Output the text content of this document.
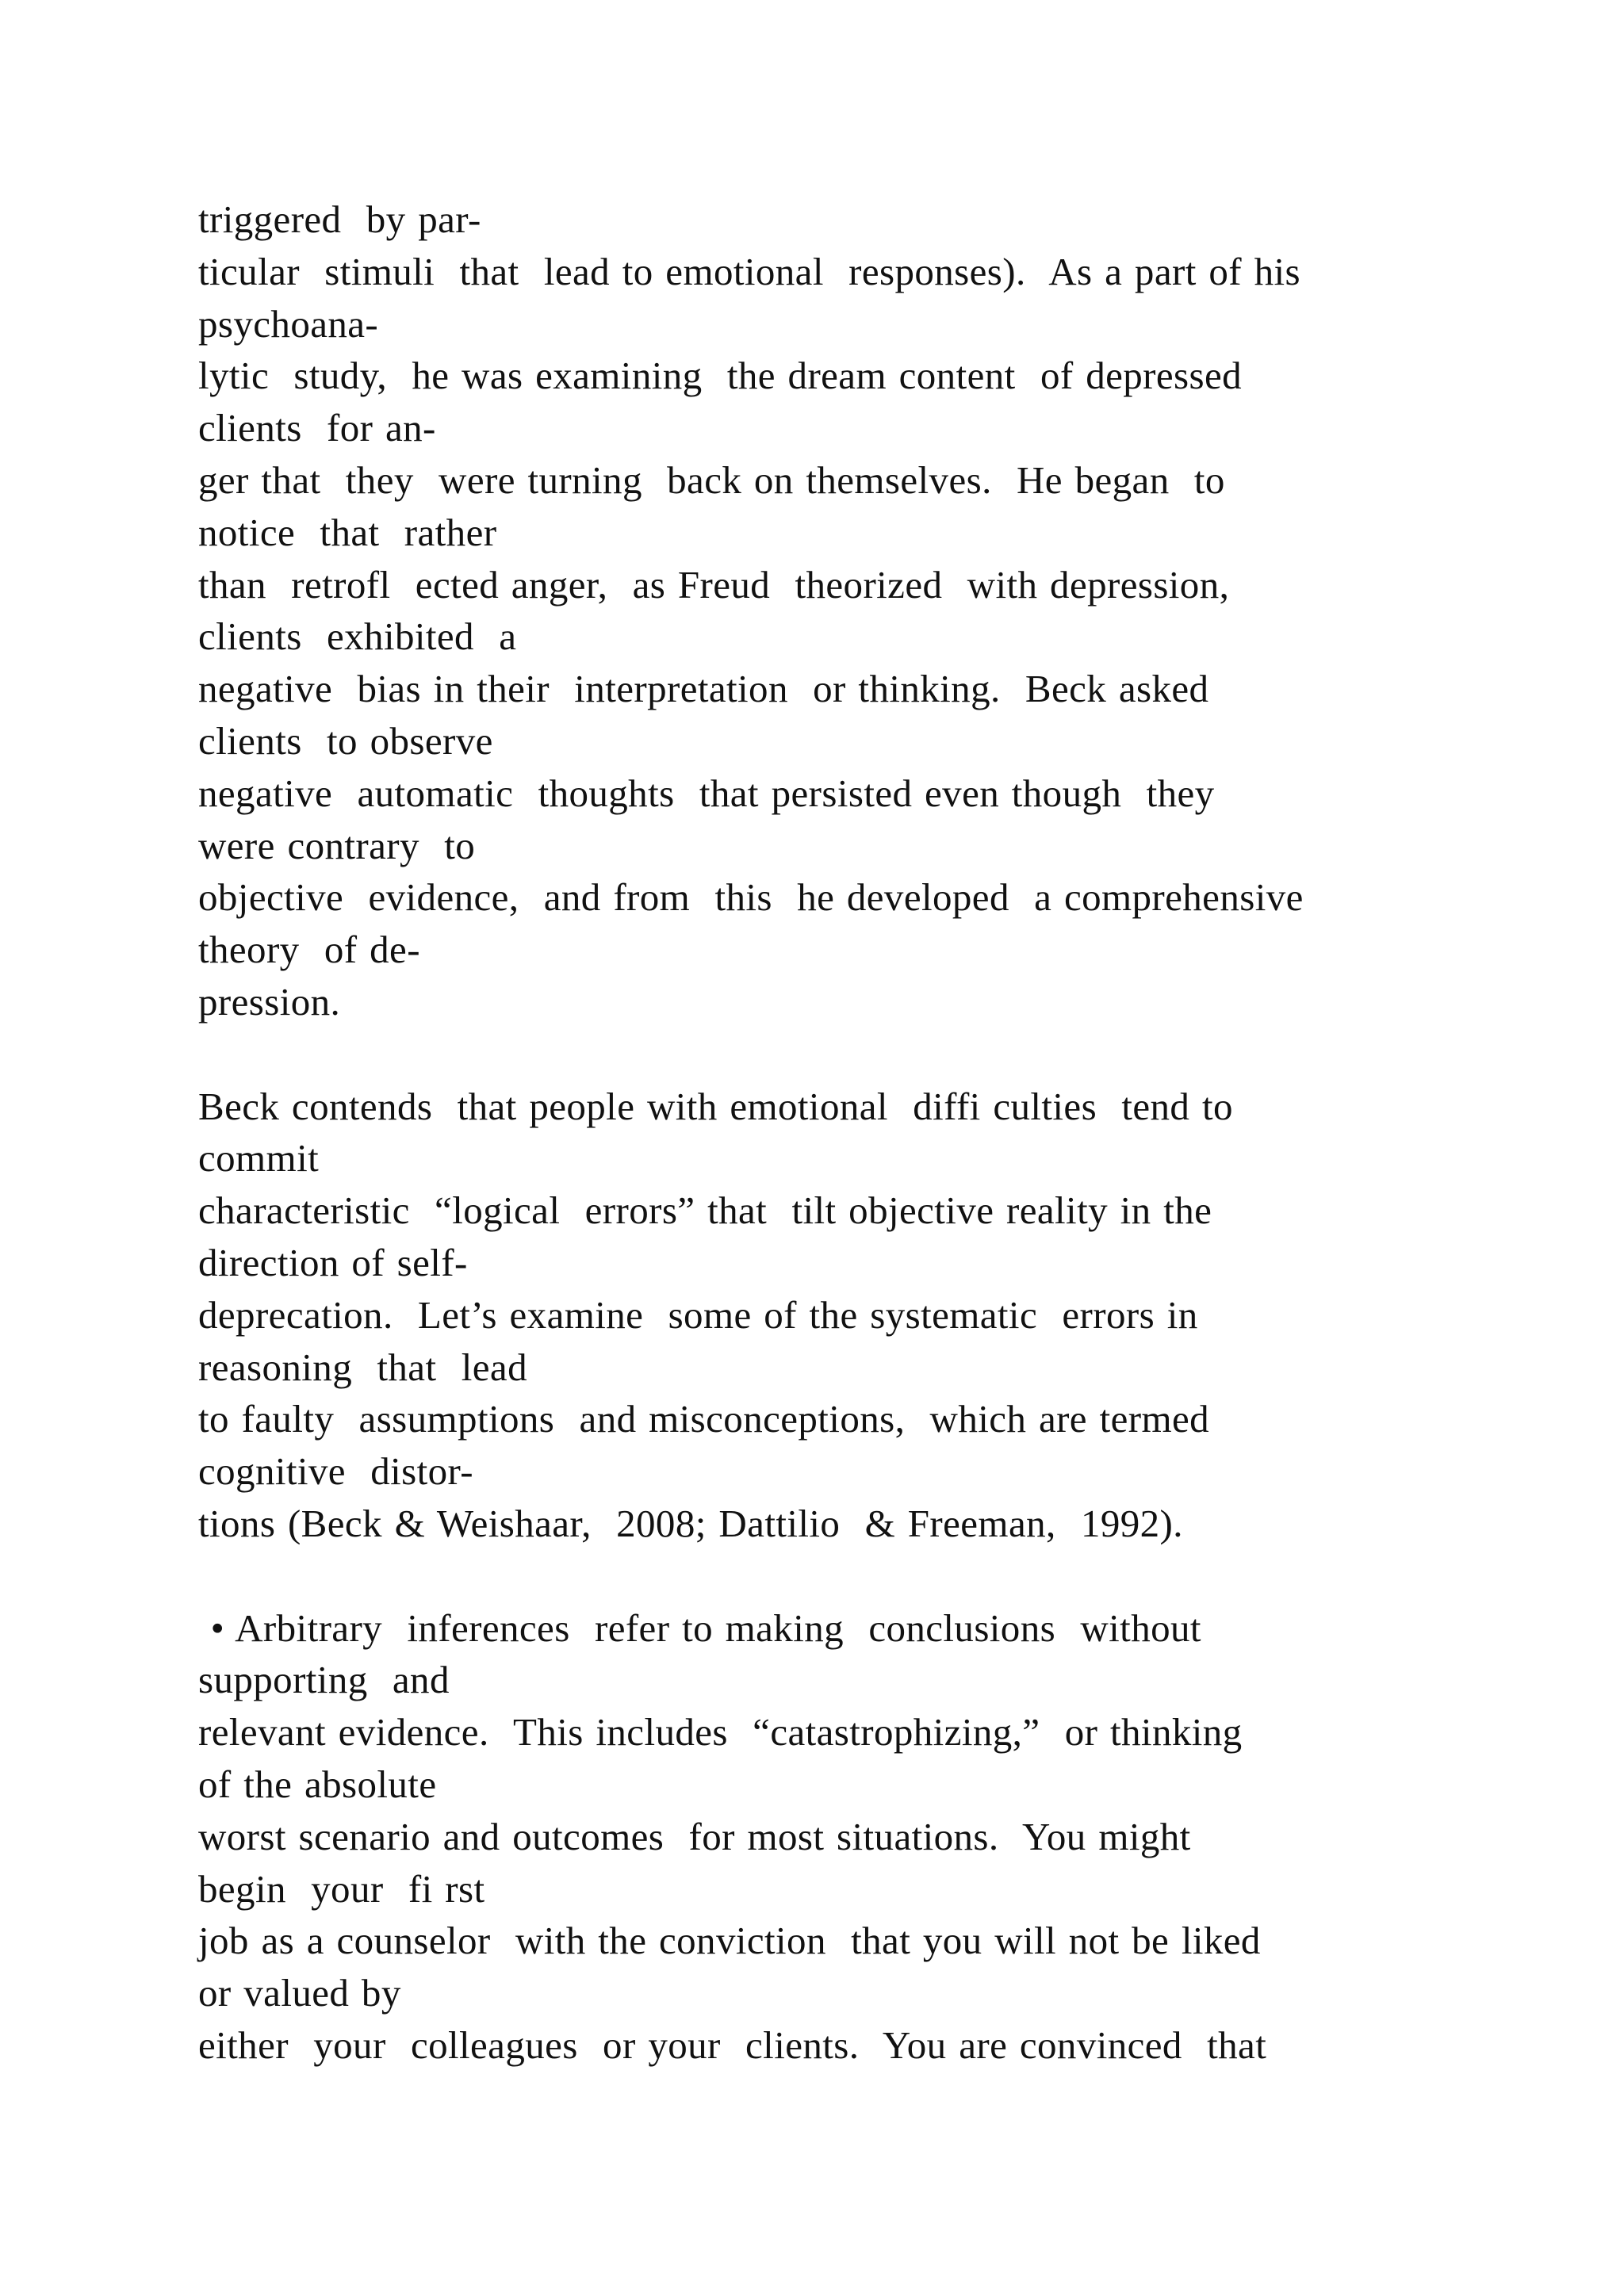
triggered  by par-
ticular  stimuli  that  lead to emotional  responses).  As a part of his
psychoana-
lytic  study,  he was examining  the dream content  of depressed
clients  for an-
ger that  they  were turning  back on themselves.  He began  to
notice  that  rather
than  retrofl  ected anger,  as Freud  theorized  with depression,
clients  exhibited  a
negative  bias in their  interpretation  or thinking.  Beck asked
clients  to observe
negative  automatic  thoughts  that persisted even though  they
were contrary  to
objective  evidence,  and from  this  he developed  a comprehensive
theory  of de-
pression.
Beck contends  that people with emotional  diffi culties  tend to
commit
characteristic  “logical  errors” that  tilt objective reality in the
direction of self-
deprecation.  Let’s examine  some of the systematic  errors in
reasoning  that  lead
to faulty  assumptions  and misconceptions,  which are termed
cognitive  distor-
tions (Beck & Weishaar,  2008; Dattilio  & Freeman,  1992).
• Arbitrary  inferences  refer to making  conclusions  without
supporting  and
relevant evidence.  This includes  “catastrophizing,”  or thinking
of the absolute
worst scenario and outcomes  for most situations.  You might
begin  your  fi rst
job as a counselor  with the conviction  that you will not be liked
or valued by
either  your  colleagues  or your  clients.  You are convinced  that
